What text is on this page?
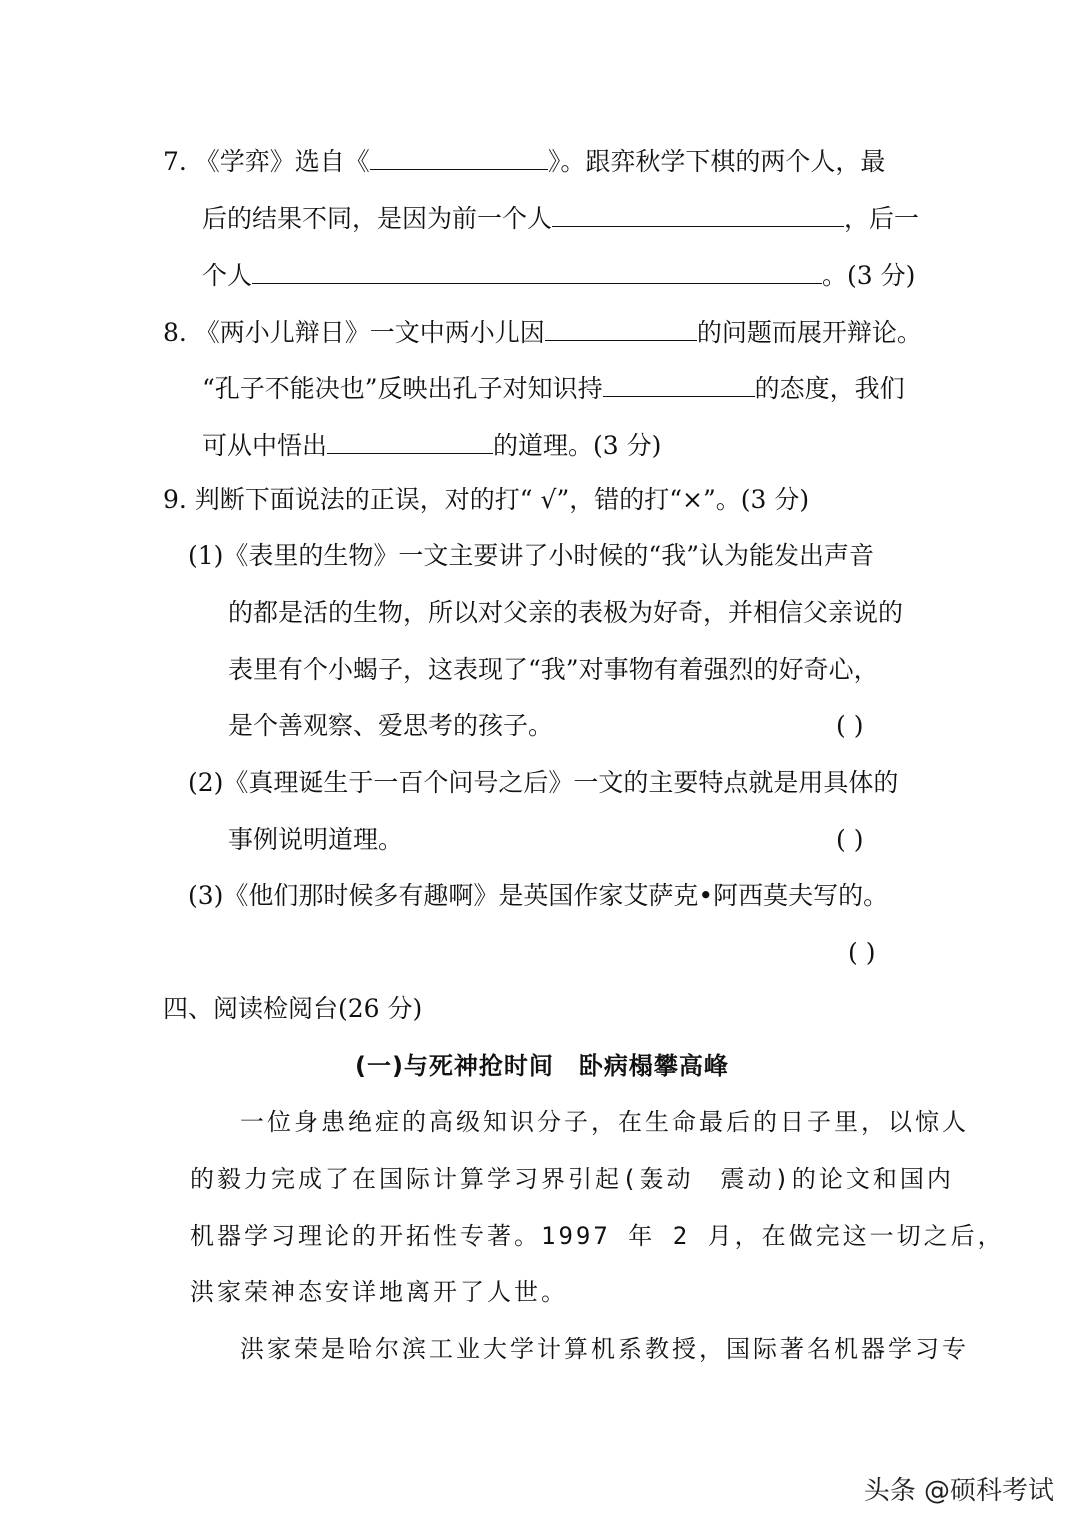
7. 《学弈》选自《	》。跟弈秋学下棋的两个人，最
后的结果不同，是因为前一个人	，后一
个人	。(3 分)
8. 《两小儿辩日》一文中两小儿因	的问题而展开辩论。
“孔子不能决也”反映出孔子对知识持	的态度，我们
可从中悟出	的道理。(3 分)
9. 判断下面说法的正误，对的打“ √”，错的打“×”。(3 分)
(1)《表里的生物》一文主要讲了小时候的“我”认为能发出声音
的都是活的生物，所以对父亲的表极为好奇，并相信父亲说的
表里有个小蝎子，这表现了“我”对事物有着强烈的好奇心，
是个善观察、爱思考的孩子。	( )
(2)《真理诞生于一百个问号之后》一文的主要特点就是用具体的
事例说明道理。	( )
(3)《他们那时候多有趣啊》是英国作家艾萨克•阿西莫夫写的。
( )
四、阅读检阅台(26 分)
(一)与死神抢时间　卧病榻攀高峰
一位身患绝症的高级知识分子，在生命最后的日子里，以惊人
的毅力完成了在国际计算学习界引起(轰动　震动)的论文和国内
机器学习理论的开拓性专著。1997 年 2 月，在做完这一切之后，
洪家荣神态安详地离开了人世。
洪家荣是哈尔滨工业大学计算机系教授，国际著名机器学习专
头条 @硕科考试
